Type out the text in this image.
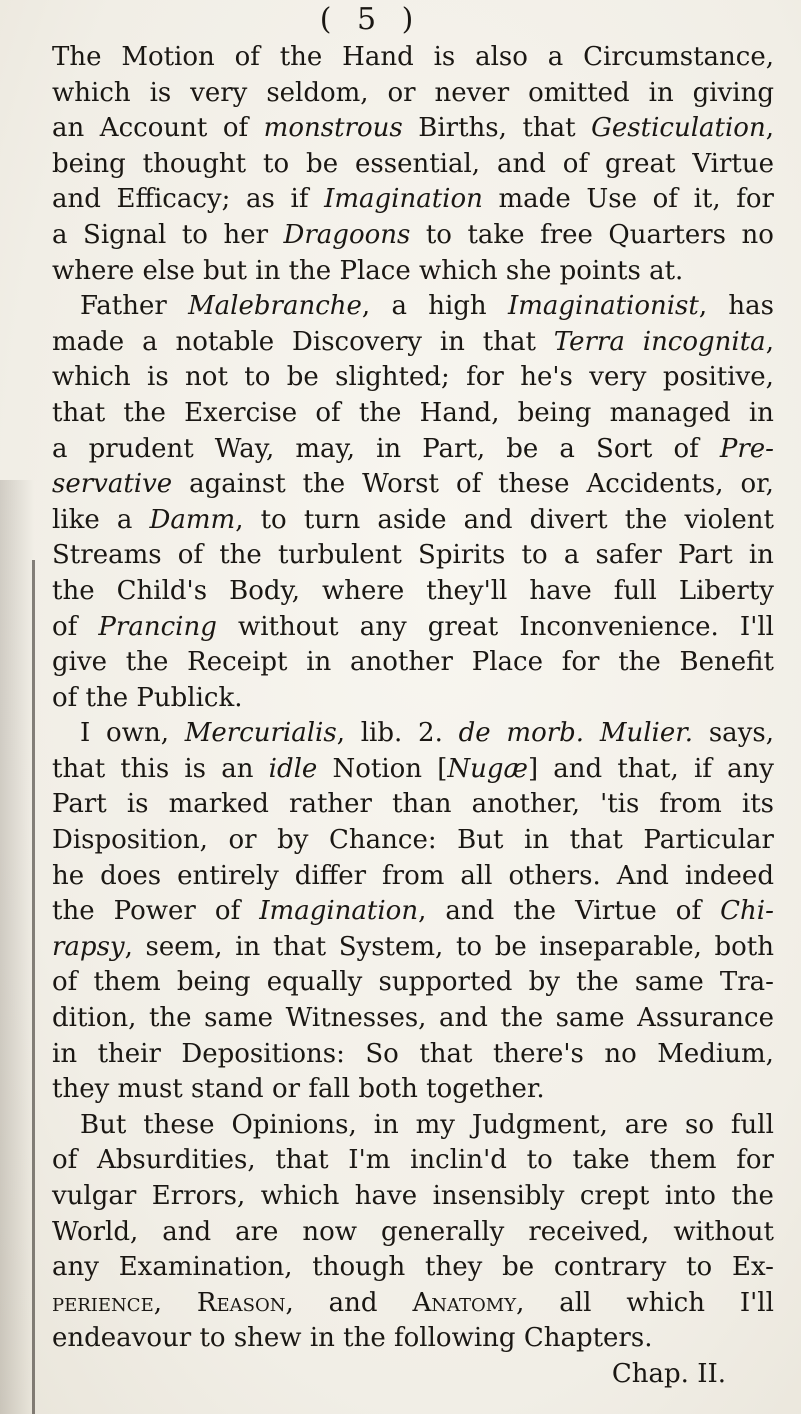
( 5 )
The Motion of the Hand is also a Circumstance,
which is very seldom, or never omitted in giving
an Account of monstrous Births, that Gesticulation,
being thought to be essential, and of great Virtue
and Efficacy; as if Imagination made Use of it, for
a Signal to her Dragoons to take free Quarters no
where else but in the Place which she points at.
Father Malebranche, a high Imaginationist, has
made a notable Discovery in that Terra incognita,
which is not to be slighted; for he's very positive,
that the Exercise of the Hand, being managed in
a prudent Way, may, in Part, be a Sort of Pre-
servative against the Worst of these Accidents, or,
like a Damm, to turn aside and divert the violent
Streams of the turbulent Spirits to a safer Part in
the Child's Body, where they'll have full Liberty
of Prancing without any great Inconvenience. I'll
give the Receipt in another Place for the Benefit
of the Publick.
I own, Mercurialis, lib. 2. de morb. Mulier. says,
that this is an idle Notion [Nugæ] and that, if any
Part is marked rather than another, 'tis from its
Disposition, or by Chance: But in that Particular
he does entirely differ from all others. And indeed
the Power of Imagination, and the Virtue of Chi-
rapsy, seem, in that System, to be inseparable, both
of them being equally supported by the same Tra-
dition, the same Witnesses, and the same Assurance
in their Depositions: So that there's no Medium,
they must stand or fall both together.
But these Opinions, in my Judgment, are so full
of Absurdities, that I'm inclin'd to take them for
vulgar Errors, which have insensibly crept into the
World, and are now generally received, without
any Examination, though they be contrary to Ex-
perience, Reason, and Anatomy, all which I'll
endeavour to shew in the following Chapters.
Chap. II.
